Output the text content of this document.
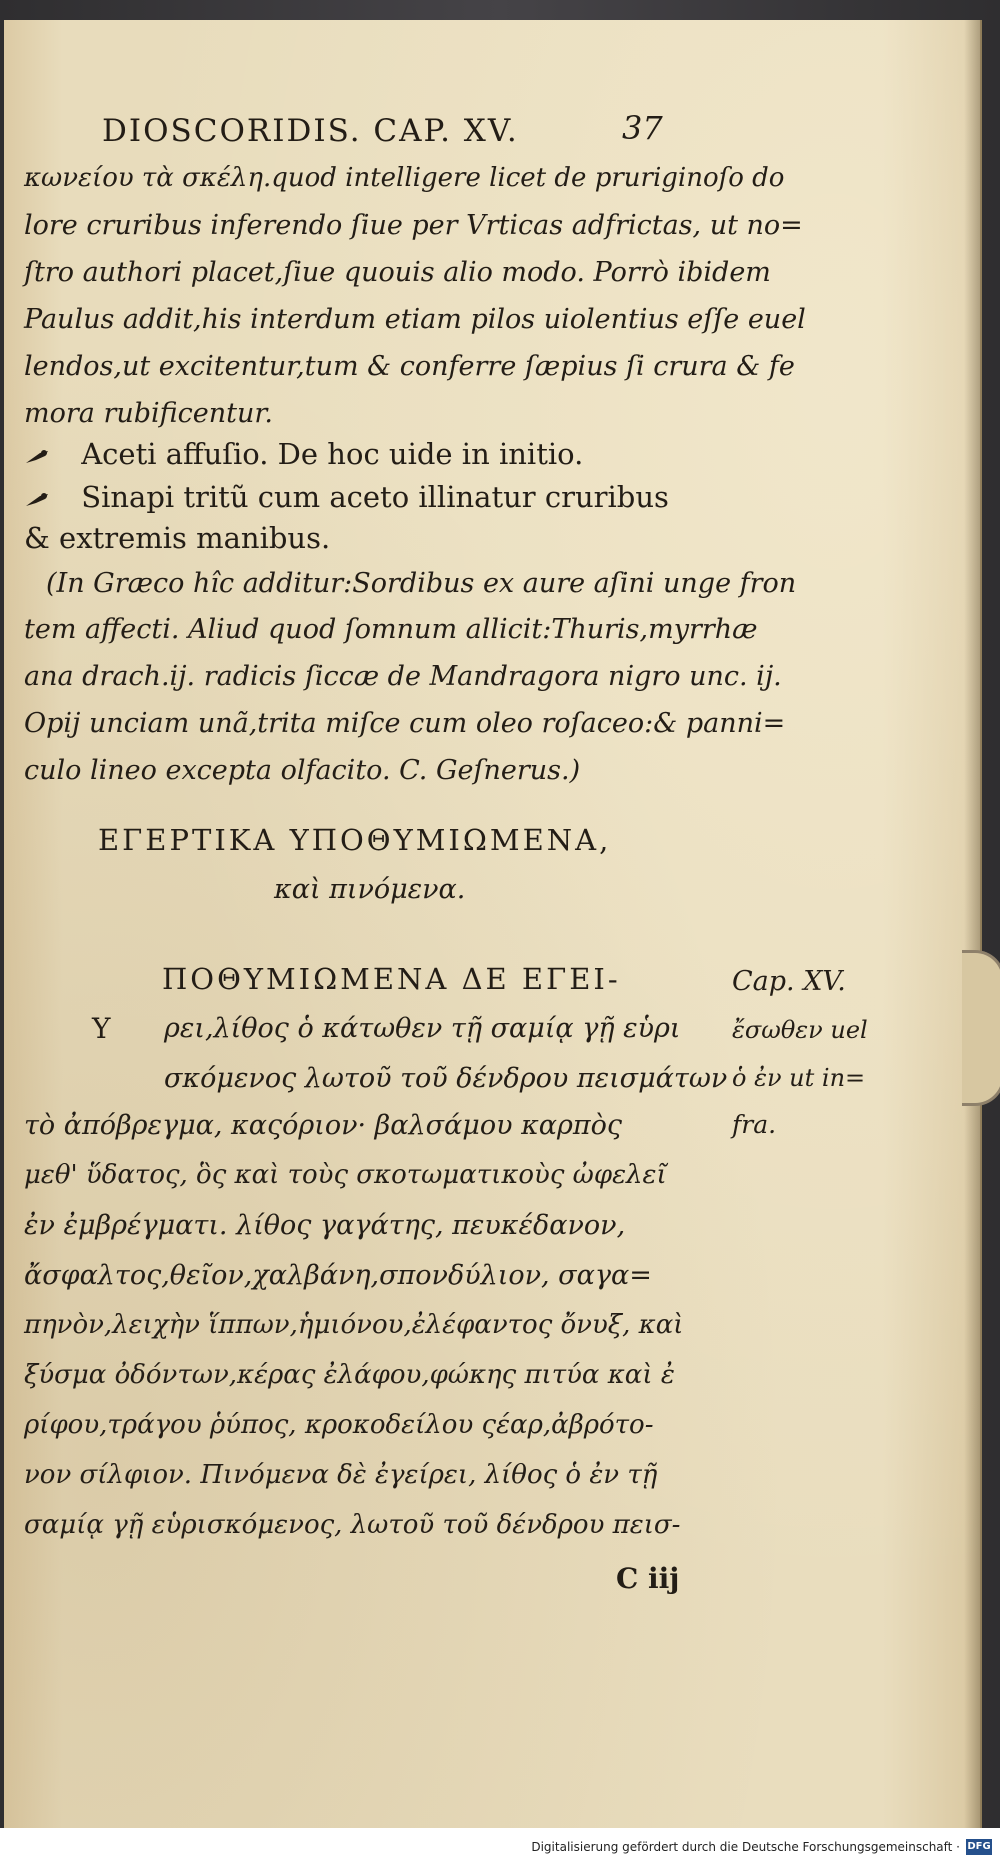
DIOSCORIDIS. CAP. XV.	37
κωνείου τὰ σκέλη.quod intelligere licet de pruriginoſo do
lore cruribus inferendo ſiue per Vrticas adfrictas, ut no=
ſtro authori placet,ſiue quouis alio modo. Porrò ibidem
Paulus addit,his interdum etiam pilos uiolentius eſſe euel
lendos,ut excitentur,tum & conferre ſæpius ſi crura & fe
mora rubificentur.
Aceti affuſio. De hoc uide in initio.
Sinapi tritũ cum aceto illinatur cruribus
& extremis manibus.
(In Græco hîc additur:Sordibus ex aure aſini unge fron
tem affecti. Aliud quod ſomnum allicit:Thuris,myrrhæ
ana drach.ij. radicis ſiccæ de Mandragora nigro unc. ij.
Opij unciam unã,trita miſce cum oleo roſaceo:& panni=
culo lineo excepta olfacito. C. Geſnerus.)
ΕΓΕΡΤΙΚΑ ΥΠΟΘΥΜΙΩΜΕΝΑ,
καὶ πινόμενα.
ΠΟΘΥΜΙΩΜΕΝΑ ΔΕ ΕΓΕΙ-
Υ ρει,λίθος ὁ κάτωθεν τῇ σαμίᾳ γῇ εὑρι
σκόμενος λωτοῦ τοῦ δένδρου πεισμάτων
τὸ ἀπόβρεγμα, καςόριον· βαλσάμου καρπὸς
μεθ' ὕδατος, ὃς καὶ τοὺς σκοτωματικοὺς ὠφελεῖ
ἐν ἐμβρέγματι. λίθος γαγάτης, πευκέδανον,
ἄσφαλτος,θεῖον,χαλβάνη,σπονδύλιον, σαγα=
πηνὸν,λειχὴν ἵππων,ἡμιόνου,ἐλέφαντος ὄνυξ, καὶ
ξύσμα ὀδόντων,κέρας ἐλάφου,φώκης πιτύα καὶ ἐ
ρίφου,τράγου ῥύπος, κροκοδείλου ςέαρ,ἀβρότο-
νον σίλφιον. Πινόμενα δὲ ἐγείρει, λίθος ὁ ἐν τῇ
σαμίᾳ γῇ εὑρισκόμενος, λωτοῦ τοῦ δένδρου πεισ-
Cap. XV.
ἔσωθεν uel
ὁ ἐν ut in=
fra.
C iij
Digitalisierung gefördert durch die Deutsche Forschungsgemeinschaft · DFG
